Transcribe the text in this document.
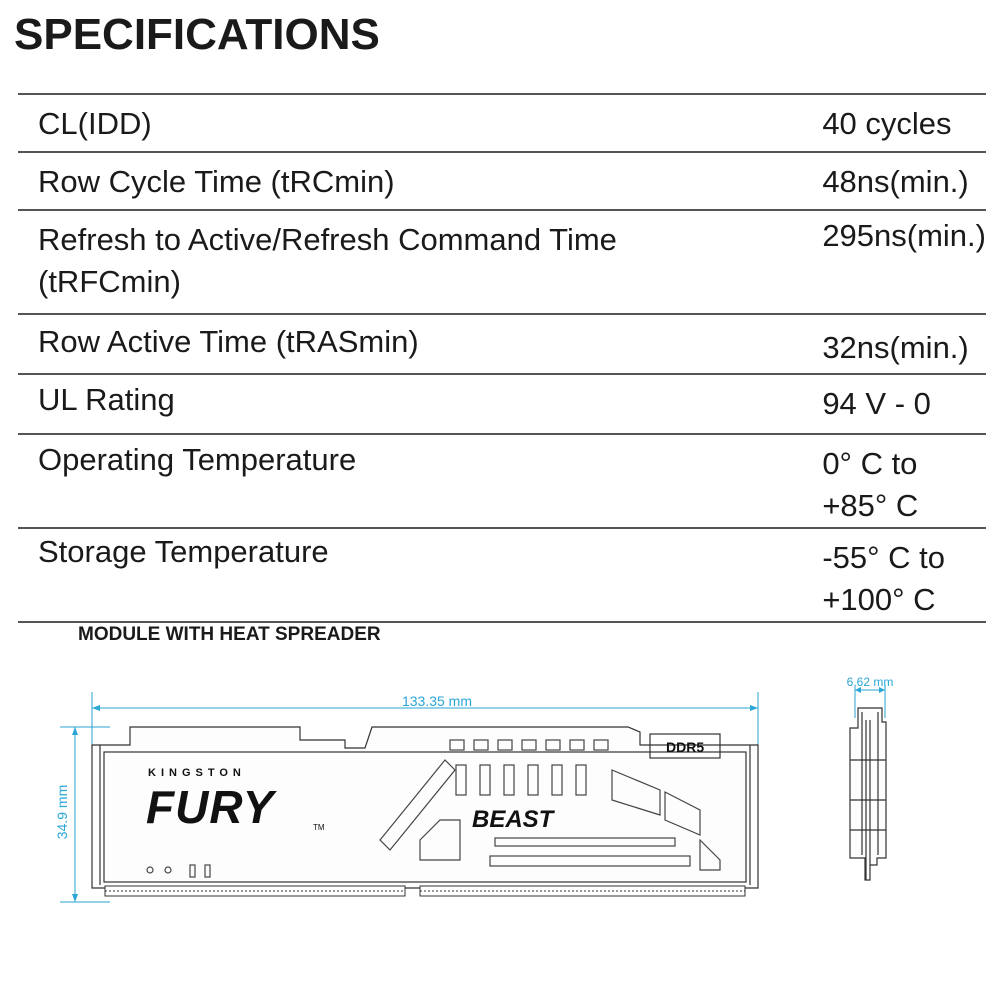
SPECIFICATIONS
CL(IDD)	40 cycles
Row Cycle Time (tRCmin)	48ns(min.)
Refresh to Active/Refresh Command Time (tRFCmin)	295ns(min.)
Row Active Time (tRASmin)	32ns(min.)
UL Rating	94 V - 0
Operating Temperature	0° C to +85° C
Storage Temperature	-55° C to +100° C
MODULE WITH HEAT SPREADER
133.35 mm
34.9 mm
KINGSTON
FURY	TM	BEAST
DDR5
6.62 mm
